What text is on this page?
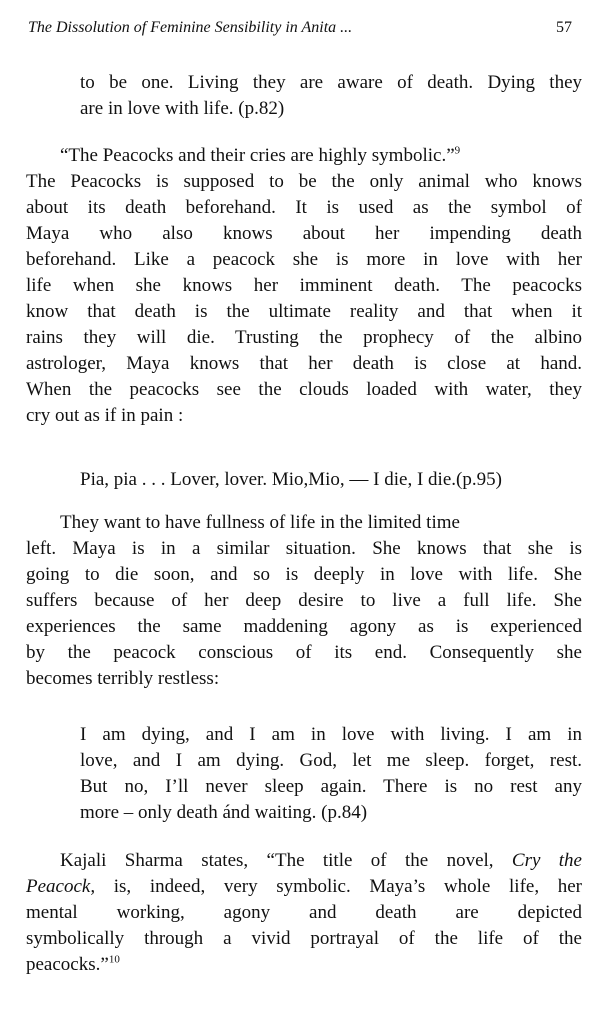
The Dissolution of Feminine Sensibility in Anita ...	57

to be one. Living they are aware of death. Dying they
are in love with life. (p.82)

“The Peacocks and their cries are highly symbolic.”$^9$
The Peacocks is supposed to be the only animal who knows
about its death beforehand. It is used as the symbol of
Maya who also knows about her impending death
beforehand. Like a peacock she is more in love with her
life when she knows her imminent death. The peacocks
know that death is the ultimate reality and that when it
rains they will die. Trusting the prophecy of the albino
astrologer, Maya knows that her death is close at hand.
When the peacocks see the clouds loaded with water, they
cry out as if in pain :

Pia, pia . . . Lover, lover. Mio,Mio, — I die, I die.(p.95)

They want to have fullness of life in the limited time
left. Maya is in a similar situation. She knows that she is
going to die soon, and so is deeply in love with life. She
suffers because of her deep desire to live a full life. She
experiences the same maddening agony as is experienced
by the peacock conscious of its end. Consequently she
becomes terribly restless:

I am dying, and I am in love with living. I am in
love, and I am dying. God, let me sleep. forget, rest.
But no, I’ll never sleep again. There is no rest any
more – only death ánd waiting. (p.84)

Kajali Sharma states, “The title of the novel, Cry the
Peacock, is, indeed, very symbolic. Maya’s whole life, her
mental working, agony and death are depicted
symbolically through a vivid portrayal of the life of the
peacocks.”$^{10}$
